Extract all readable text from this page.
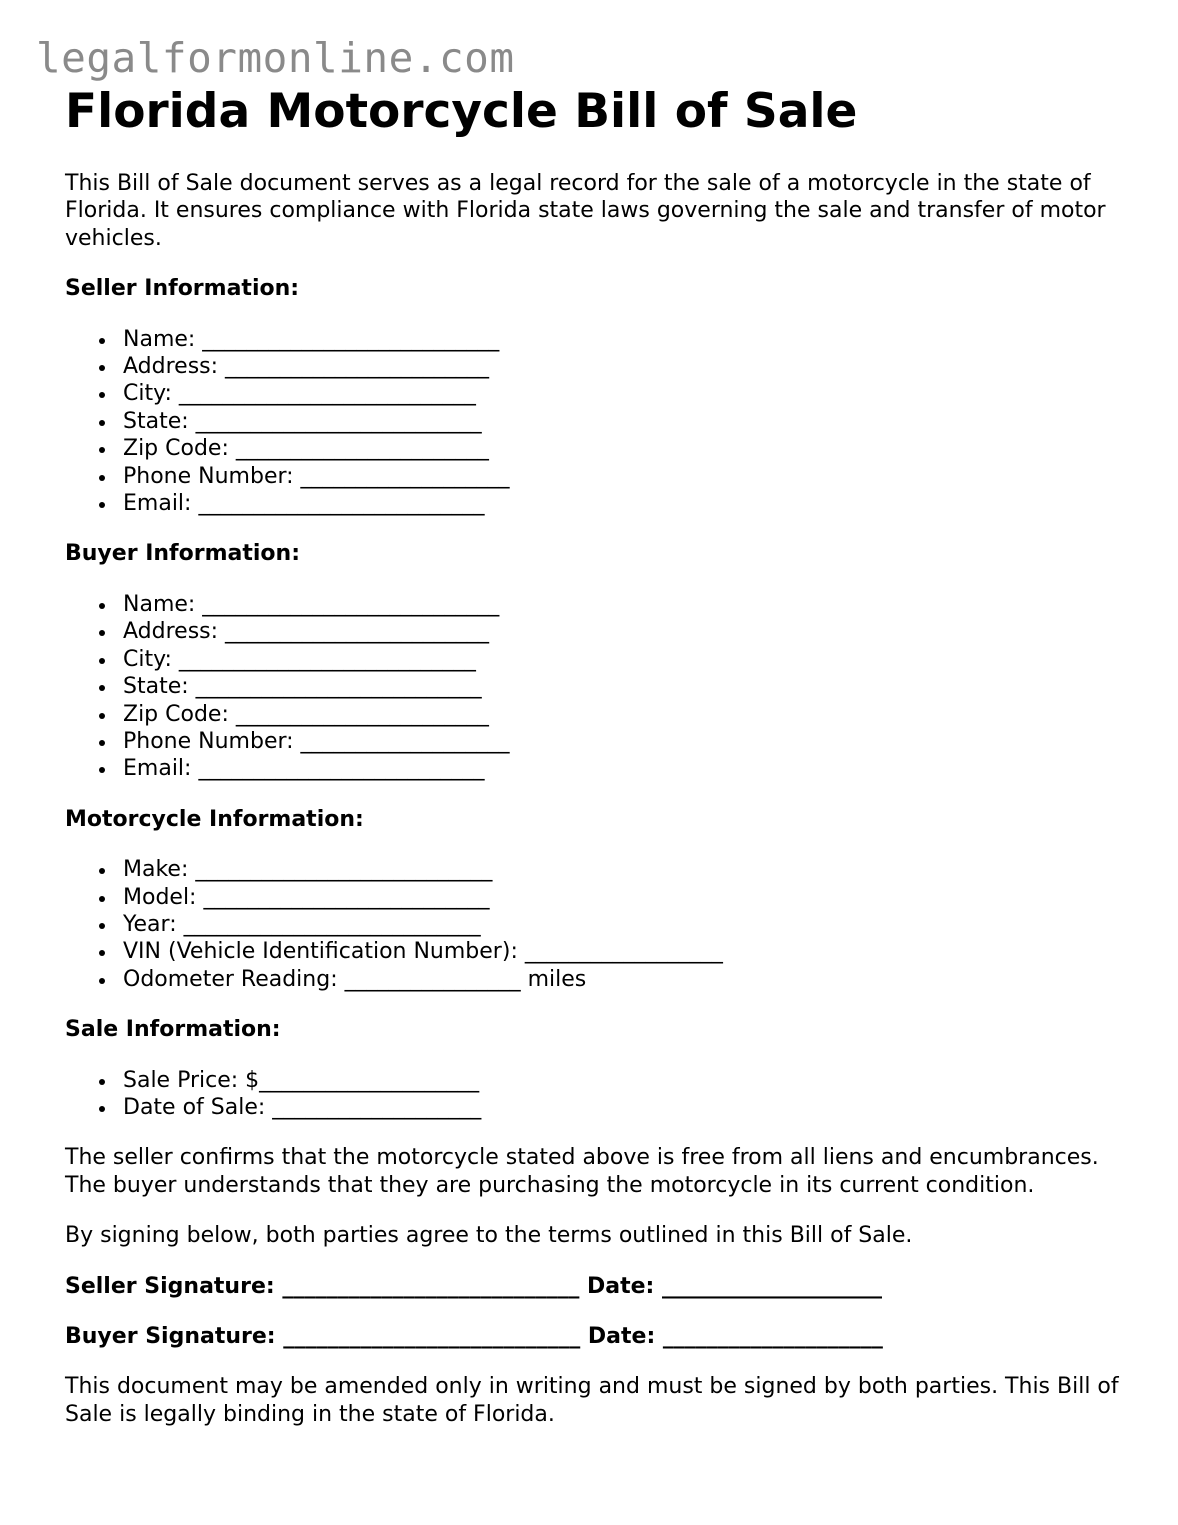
legalformonline.com
Florida Motorcycle Bill of Sale

This Bill of Sale document serves as a legal record for the sale of a motorcycle in the state of Florida. It ensures compliance with Florida state laws governing the sale and transfer of motor vehicles.

Seller Information:
Name: ___________________________
Address: ________________________
City: ___________________________
State: __________________________
Zip Code: _______________________
Phone Number: ___________________
Email: __________________________
Buyer Information:
Name: ___________________________
Address: ________________________
City: ___________________________
State: __________________________
Zip Code: _______________________
Phone Number: ___________________
Email: __________________________
Motorcycle Information:
Make: ___________________________
Model: __________________________
Year: ___________________________
VIN (Vehicle Identification Number): __________________
Odometer Reading: ________________ miles
Sale Information:
Sale Price: $____________________
Date of Sale: ___________________

The seller confirms that the motorcycle stated above is free from all liens and encumbrances. The buyer understands that they are purchasing the motorcycle in its current condition.

By signing below, both parties agree to the terms outlined in this Bill of Sale.

Seller Signature: ___________________________ Date: ____________________
Buyer Signature: ___________________________ Date: ____________________

This document may be amended only in writing and must be signed by both parties. This Bill of Sale is legally binding in the state of Florida.
